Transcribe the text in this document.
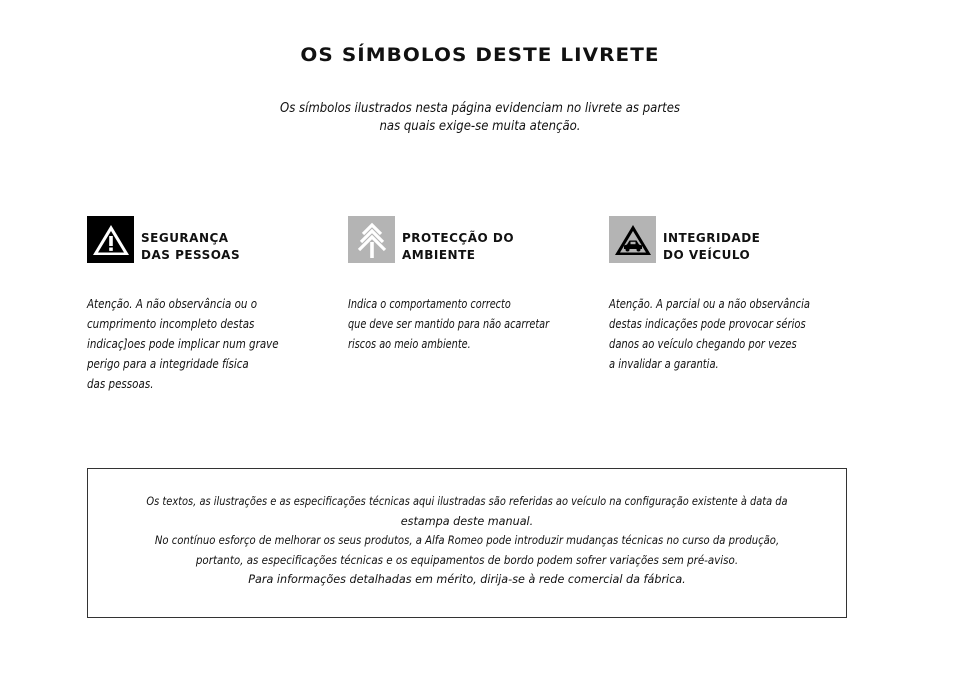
OS SÍMBOLOS DESTE LIVRETE
Os símbolos ilustrados nesta página evidenciam no livrete as partes
nas quais exige-se muita atenção.
SEGURANÇA
DAS PESSOAS
Atenção. A não observância ou o
cumprimento incompleto destas
indicaç]oes pode implicar num grave
perigo para a integridade física
das pessoas.
PROTECÇÃO DO
AMBIENTE
Indica o comportamento correcto
que deve ser mantido para não acarretar
riscos ao meio ambiente.
INTEGRIDADE
DO VEÍCULO
Atenção. A parcial ou a não observância
destas indicações pode provocar sérios
danos ao veículo chegando por vezes
a invalidar a garantia.
Os textos, as ilustrações e as especificações técnicas aqui ilustradas são referidas ao veículo na configuração existente à data da
estampa deste manual.
No contínuo esforço de melhorar os seus produtos, a Alfa Romeo pode introduzir mudanças técnicas no curso da produção,
portanto, as especificações técnicas e os equipamentos de bordo podem sofrer variações sem pré-aviso.
Para informações detalhadas em mérito, dirija-se à rede comercial da fábrica.
